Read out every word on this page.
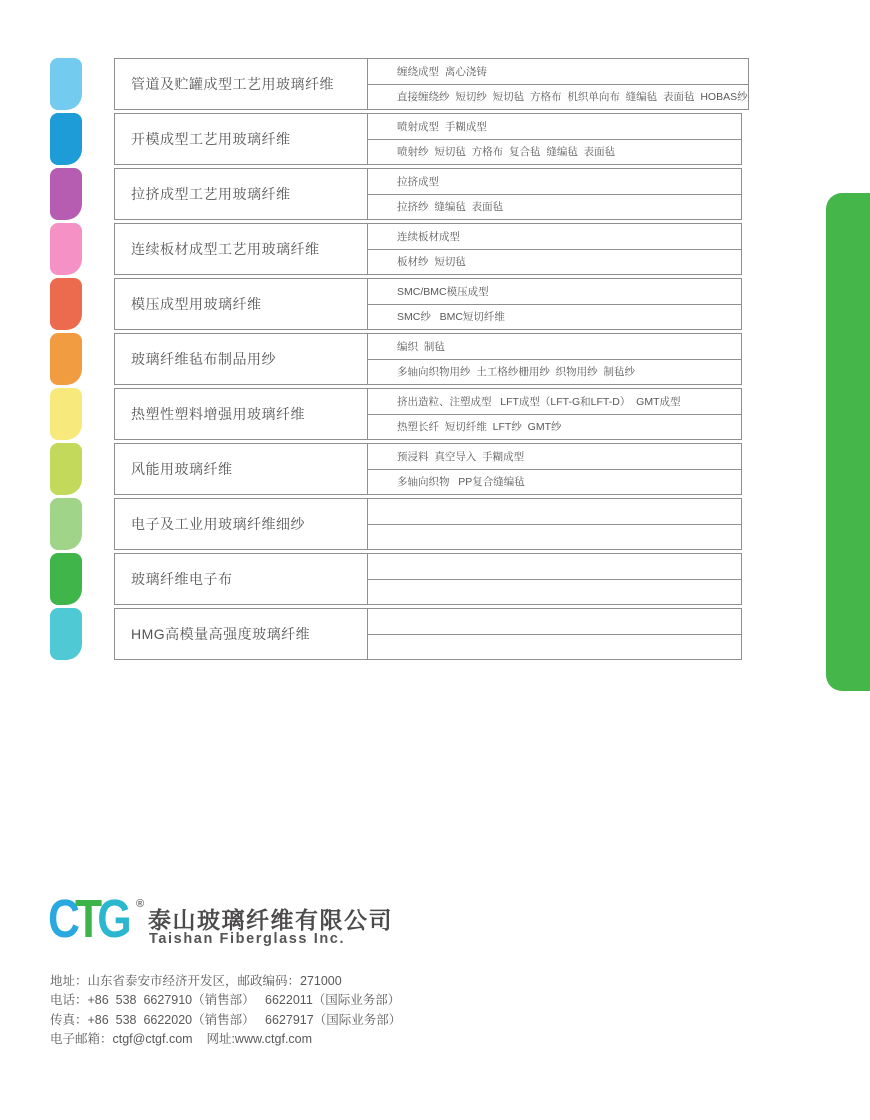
管道及贮罐成型工艺用玻璃纤维
缠绕成型  离心浇铸
直接缠绕纱  短切纱  短切毡  方格布  机织单向布  缝编毡  表面毡  HOBAS纱
开模成型工艺用玻璃纤维
喷射成型  手糊成型
喷射纱  短切毡  方格布  复合毡  缝编毡  表面毡
拉挤成型工艺用玻璃纤维
拉挤成型
拉挤纱  缝编毡  表面毡
连续板材成型工艺用玻璃纤维
连续板材成型
板材纱  短切毡
模压成型用玻璃纤维
SMC/BMC模压成型
SMC纱   BMC短切纤维
玻璃纤维毡布制品用纱
编织  制毡
多轴向织物用纱  土工格纱栅用纱  织物用纱  制毡纱
热塑性塑料增强用玻璃纤维
挤出造粒、注塑成型   LFT成型（LFT-G和LFT-D）  GMT成型
热塑长纤  短切纤维  LFT纱  GMT纱
风能用玻璃纤维
预浸料  真空导入  手糊成型
多轴向织物   PP复合缝编毡
电子及工业用玻璃纤维细纱
玻璃纤维电子布
HMG高模量高强度玻璃纤维
CTG ®
泰山玻璃纤维有限公司
Taishan Fiberglass Inc.
地址：山东省泰安市经济开发区，邮政编码：271000
电话：+86  538  6627910（销售部）   6622011（国际业务部）
传真：+86  538  6622020（销售部）   6627917（国际业务部）
电子邮箱：ctgf@ctgf.com    网址:www.ctgf.com
